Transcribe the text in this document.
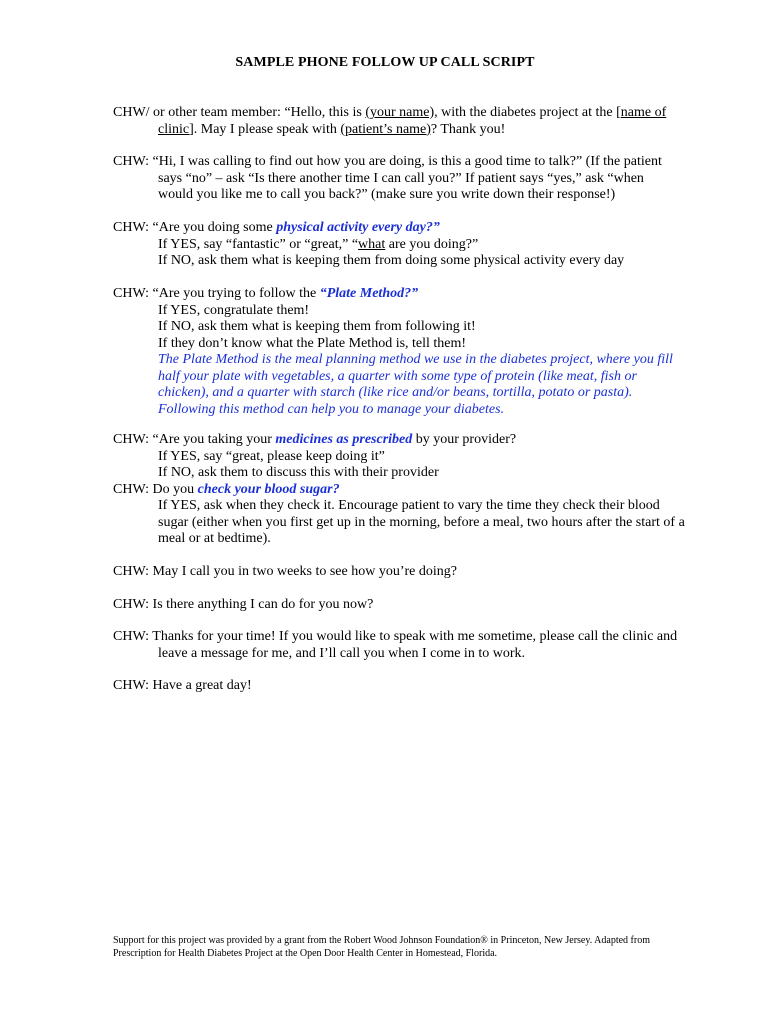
SAMPLE PHONE FOLLOW UP CALL SCRIPT
CHW/ or other team member: “Hello, this is (your name), with the diabetes project at the [name of
clinic]. May I please speak with (patient’s name)? Thank you!
CHW: “Hi, I was calling to find out how you are doing, is this a good time to talk?” (If the patient
says “no” – ask “Is there another time I can call you?” If patient says “yes,” ask “when
would you like me to call you back?” (make sure you write down their response!)
CHW: “Are you doing some physical activity every day?”
If YES, say “fantastic” or “great,” “what are you doing?”
If NO, ask them what is keeping them from doing some physical activity every day
CHW: “Are you trying to follow the “Plate Method?”
If YES, congratulate them!
If NO, ask them what is keeping them from following it!
If they don’t know what the Plate Method is, tell them!
The Plate Method is the meal planning method we use in the diabetes project, where you fill
half your plate with vegetables, a quarter with some type of protein (like meat, fish or
chicken), and a quarter with starch (like rice and/or beans, tortilla, potato or pasta).
Following this method can help you to manage your diabetes.
CHW: “Are you taking your medicines as prescribed by your provider?
If YES, say “great, please keep doing it”
If NO, ask them to discuss this with their provider
CHW: Do you check your blood sugar?
If YES, ask when they check it. Encourage patient to vary the time they check their blood
sugar (either when you first get up in the morning, before a meal, two hours after the start of a
meal or at bedtime).
CHW: May I call you in two weeks to see how you’re doing?
CHW: Is there anything I can do for you now?
CHW: Thanks for your time! If you would like to speak with me sometime, please call the clinic and
leave a message for me, and I’ll call you when I come in to work.
CHW: Have a great day!
Support for this project was provided by a grant from the Robert Wood Johnson Foundation® in Princeton, New Jersey. Adapted from
Prescription for Health Diabetes Project at the Open Door Health Center in Homestead, Florida.
